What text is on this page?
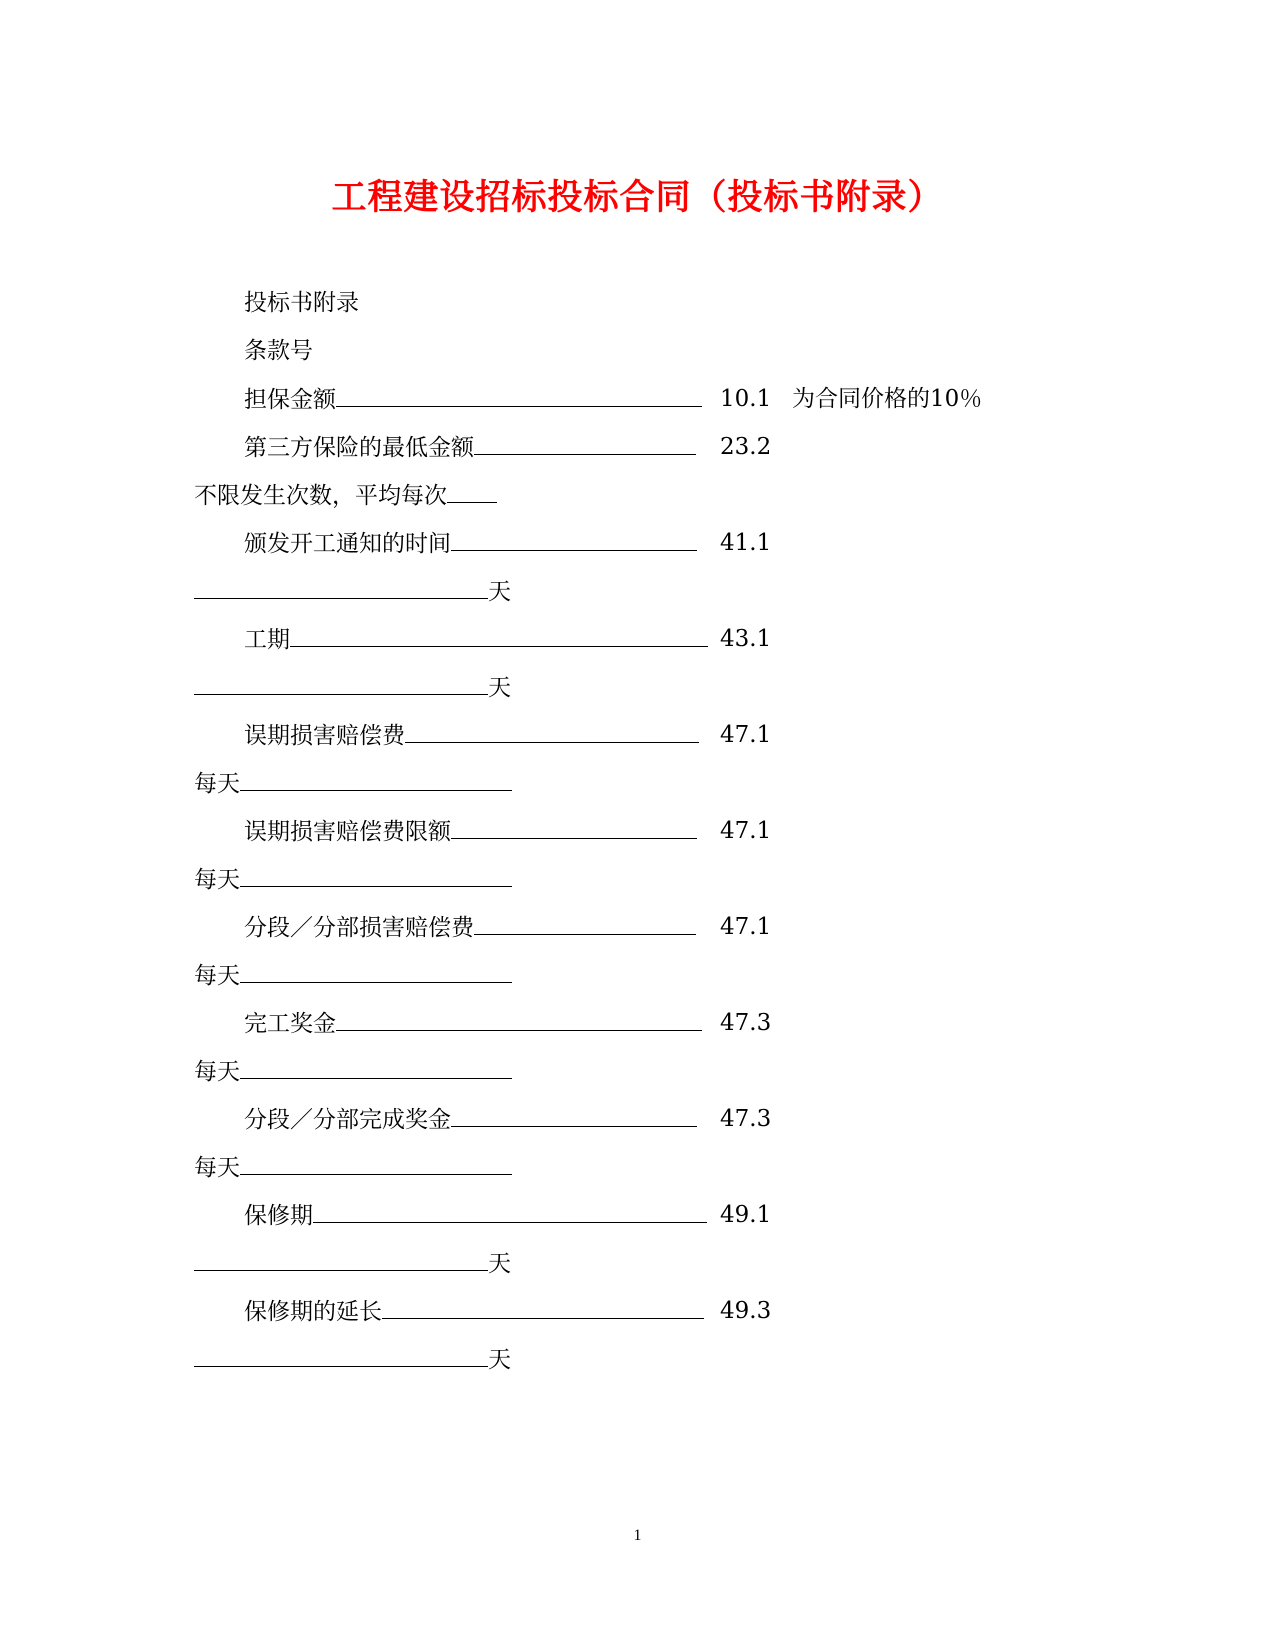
工程建设招标投标合同（投标书附录）
投标书附录
条款号
担保金额	10.1 为合同价格的10％
第三方保险的最低金额	23.2
不限发生次数，平均每次
颁发开工通知的时间	41.1
天
工期	43.1
天
误期损害赔偿费	47.1
每天
误期损害赔偿费限额	47.1
每天
分段／分部损害赔偿费	47.1
每天
完工奖金	47.3
每天
分段／分部完成奖金	47.3
每天
保修期	49.1
天
保修期的延长	49.3
天
1
